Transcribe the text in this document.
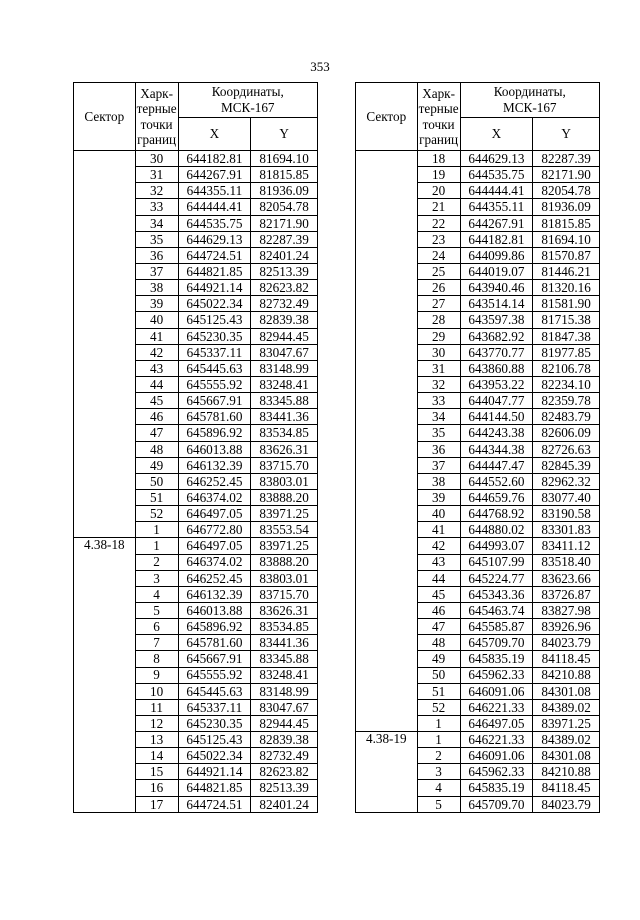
353
Сектор	Харк-
терные
точки
границ	Координаты,
МСК-167	
		X	Y
	30	644182.81	81694.10
	31	644267.91	81815.85
	32	644355.11	81936.09
	33	644444.41	82054.78
	34	644535.75	82171.90
	35	644629.13	82287.39
	36	644724.51	82401.24
	37	644821.85	82513.39
	38	644921.14	82623.82
	39	645022.34	82732.49
	40	645125.43	82839.38
	41	645230.35	82944.45
	42	645337.11	83047.67
	43	645445.63	83148.99
	44	645555.92	83248.41
	45	645667.91	83345.88
	46	645781.60	83441.36
	47	645896.92	83534.85
	48	646013.88	83626.31
	49	646132.39	83715.70
	50	646252.45	83803.01
	51	646374.02	83888.20
	52	646497.05	83971.25
	1	646772.80	83553.54
4.38-18	1	646497.05	83971.25
	2	646374.02	83888.20
	3	646252.45	83803.01
	4	646132.39	83715.70
	5	646013.88	83626.31
	6	645896.92	83534.85
	7	645781.60	83441.36
	8	645667.91	83345.88
	9	645555.92	83248.41
	10	645445.63	83148.99
	11	645337.11	83047.67
	12	645230.35	82944.45
	13	645125.43	82839.38
	14	645022.34	82732.49
	15	644921.14	82623.82
	16	644821.85	82513.39
	17	644724.51	82401.24
Сектор	Харк-
терные
точки
границ	Координаты,
МСК-167	
		X	Y
	18	644629.13	82287.39
	19	644535.75	82171.90
	20	644444.41	82054.78
	21	644355.11	81936.09
	22	644267.91	81815.85
	23	644182.81	81694.10
	24	644099.86	81570.87
	25	644019.07	81446.21
	26	643940.46	81320.16
	27	643514.14	81581.90
	28	643597.38	81715.38
	29	643682.92	81847.38
	30	643770.77	81977.85
	31	643860.88	82106.78
	32	643953.22	82234.10
	33	644047.77	82359.78
	34	644144.50	82483.79
	35	644243.38	82606.09
	36	644344.38	82726.63
	37	644447.47	82845.39
	38	644552.60	82962.32
	39	644659.76	83077.40
	40	644768.92	83190.58
	41	644880.02	83301.83
	42	644993.07	83411.12
	43	645107.99	83518.40
	44	645224.77	83623.66
	45	645343.36	83726.87
	46	645463.74	83827.98
	47	645585.87	83926.96
	48	645709.70	84023.79
	49	645835.19	84118.45
	50	645962.33	84210.88
	51	646091.06	84301.08
	52	646221.33	84389.02
	1	646497.05	83971.25
4.38-19	1	646221.33	84389.02
	2	646091.06	84301.08
	3	645962.33	84210.88
	4	645835.19	84118.45
	5	645709.70	84023.79
